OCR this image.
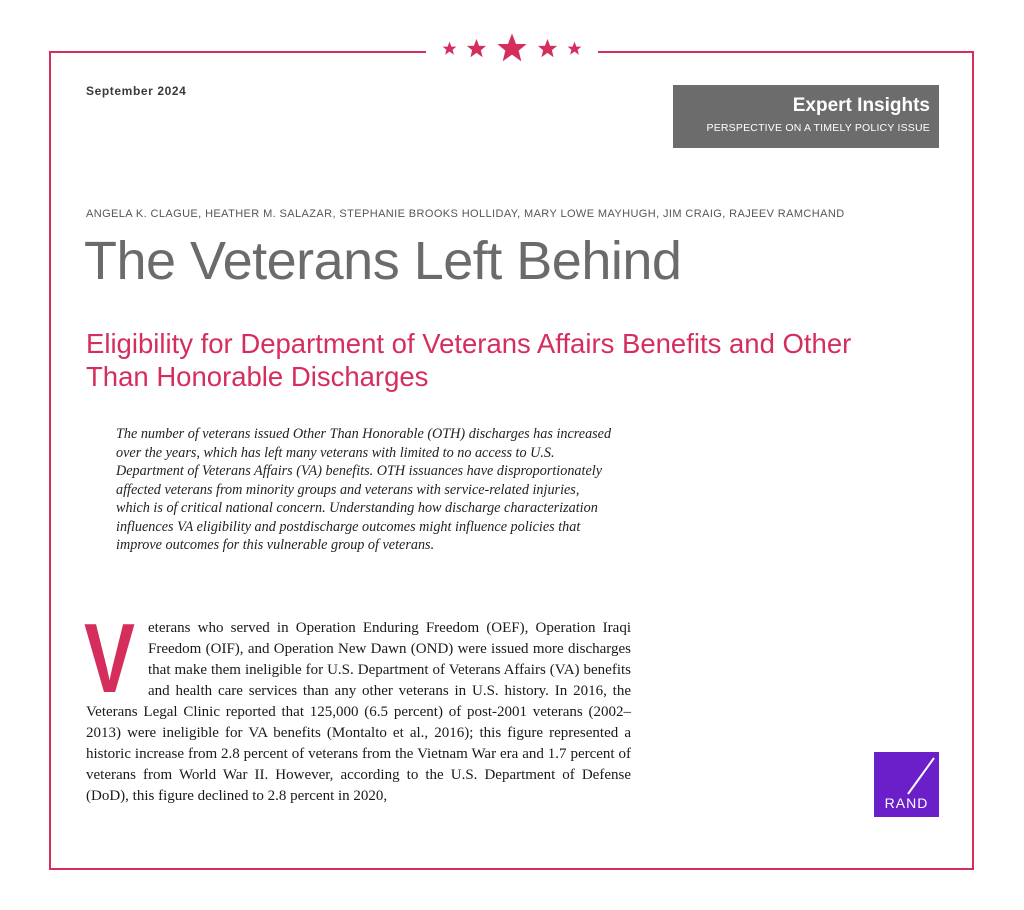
September 2024
Expert Insights
PERSPECTIVE ON A TIMELY POLICY ISSUE
ANGELA K. CLAGUE, HEATHER M. SALAZAR, STEPHANIE BROOKS HOLLIDAY, MARY LOWE MAYHUGH, JIM CRAIG, RAJEEV RAMCHAND
The Veterans Left Behind
Eligibility for Department of Veterans Affairs Benefits and Other Than Honorable Discharges

The number of veterans issued Other Than Honorable (OTH) discharges has increased over the years, which has left many veterans with limited to no access to U.S. Department of Veterans Affairs (VA) benefits. OTH issuances have disproportionately affected veterans from minority groups and veterans with service-related injuries, which is of critical national concern. Understanding how discharge characterization influences VA eligibility and postdischarge outcomes might influence policies that improve outcomes for this vulnerable group of veterans.

Veterans who served in Operation Enduring Freedom (OEF), Operation Iraqi Freedom (OIF), and Operation New Dawn (OND) were issued more discharges that make them ineligible for U.S. Department of Veterans Affairs (VA) benefits and health care services than any other veterans in U.S. history. In 2016, the Veterans Legal Clinic reported that 125,000 (6.5 percent) of post-2001 veterans (2002–2013) were ineligible for VA benefits (Montalto et al., 2016); this figure represented a historic increase from 2.8 percent of veterans from the Vietnam War era and 1.7 percent of veterans from World War II. However, according to the U.S. Department of Defense (DoD), this figure declined to 2.8 percent in 2020,	RAND
